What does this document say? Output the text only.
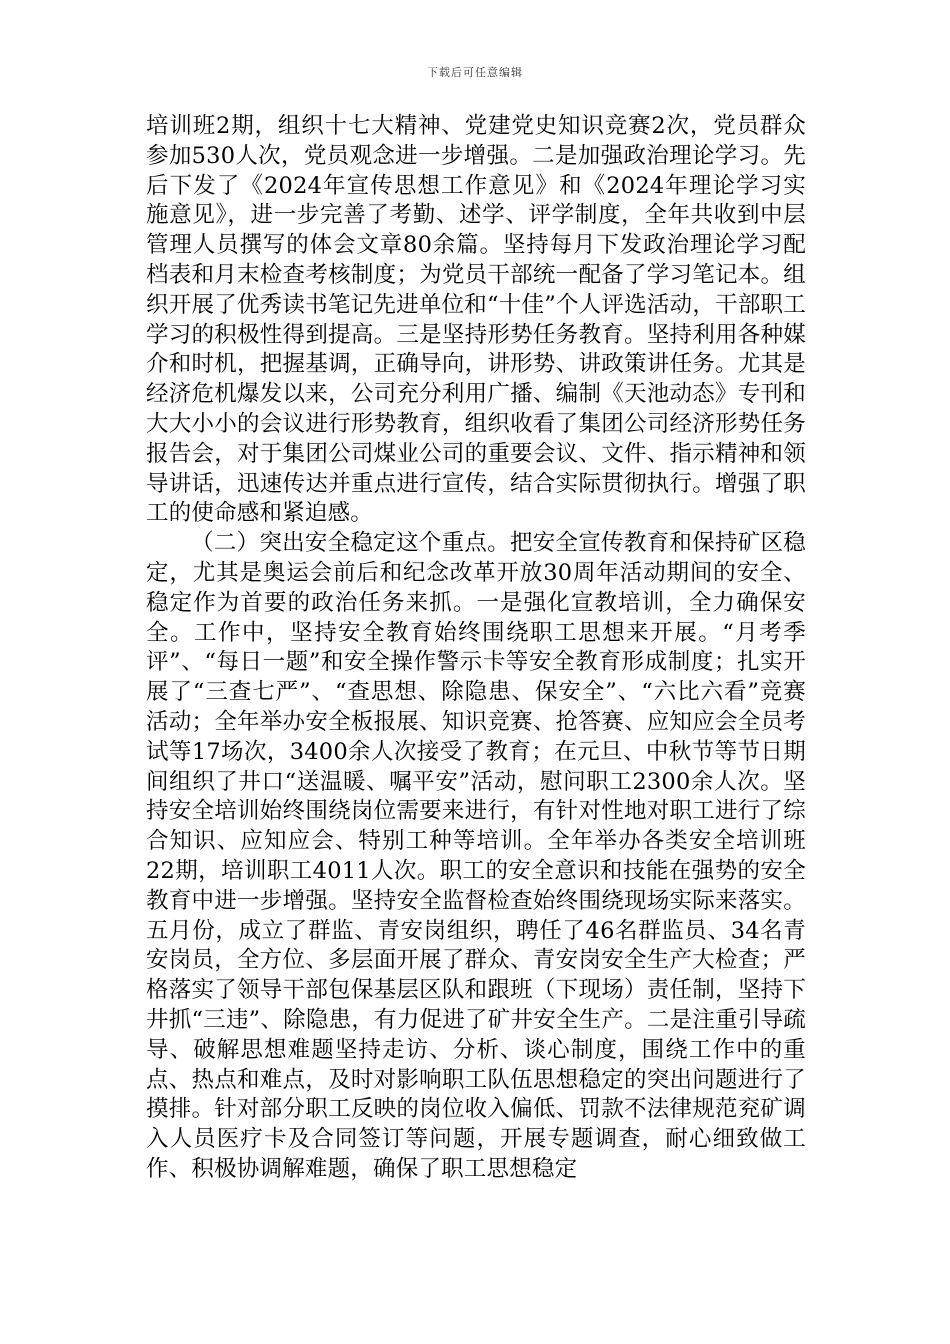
下载后可任意编辑

培训班2期，组织十七大精神、党建党史知识竞赛2次，党员群众参加530人次，党员观念进一步增强。二是加强政治理论学习。先后下发了《2024年宣传思想工作意见》和《2024年理论学习实施意见》，进一步完善了考勤、述学、评学制度，全年共收到中层管理人员撰写的体会文章80余篇。坚持每月下发政治理论学习配档表和月末检查考核制度；为党员干部统一配备了学习笔记本。组织开展了优秀读书笔记先进单位和“十佳”个人评选活动，干部职工学习的积极性得到提高。三是坚持形势任务教育。坚持利用各种媒介和时机，把握基调，正确导向，讲形势、讲政策讲任务。尤其是经济危机爆发以来，公司充分利用广播、编制《天池动态》专刊和大大小小的会议进行形势教育，组织收看了集团公司经济形势任务报告会，对于集团公司煤业公司的重要会议、文件、指示精神和领导讲话，迅速传达并重点进行宣传，结合实际贯彻执行。增强了职工的使命感和紧迫感。

（二）突出安全稳定这个重点。把安全宣传教育和保持矿区稳定，尤其是奥运会前后和纪念改革开放30周年活动期间的安全、稳定作为首要的政治任务来抓。一是强化宣教培训，全力确保安全。工作中，坚持安全教育始终围绕职工思想来开展。“月考季评”、“每日一题”和安全操作警示卡等安全教育形成制度；扎实开展了“三查七严”、“查思想、除隐患、保安全”、“六比六看”竞赛活动；全年举办安全板报展、知识竞赛、抢答赛、应知应会全员考试等17场次，3400余人次接受了教育；在元旦、中秋节等节日期间组织了井口“送温暖、嘱平安”活动，慰问职工2300余人次。坚持安全培训始终围绕岗位需要来进行，有针对性地对职工进行了综合知识、应知应会、特别工种等培训。全年举办各类安全培训班22期，培训职工4011人次。职工的安全意识和技能在强势的安全教育中进一步增强。坚持安全监督检查始终围绕现场实际来落实。五月份，成立了群监、青安岗组织，聘任了46名群监员、34名青安岗员，全方位、多层面开展了群众、青安岗安全生产大检查；严格落实了领导干部包保基层区队和跟班（下现场）责任制，坚持下井抓“三违”、除隐患，有力促进了矿井安全生产。二是注重引导疏导、破解思想难题坚持走访、分析、谈心制度，围绕工作中的重点、热点和难点，及时对影响职工队伍思想稳定的突出问题进行了摸排。针对部分职工反映的岗位收入偏低、罚款不法律规范兖矿调入人员医疗卡及合同签订等问题，开展专题调查，耐心细致做工作、积极协调解难题，确保了职工思想稳定
